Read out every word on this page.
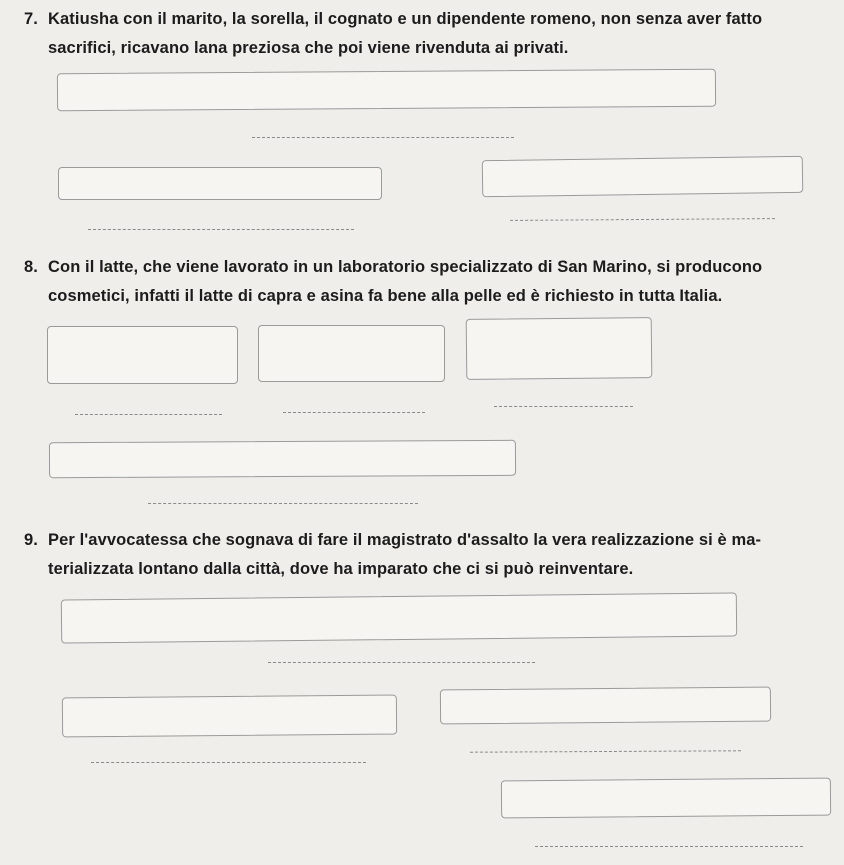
7. Katiusha con il marito, la sorella, il cognato e un dipendente romeno, non senza aver fatto
sacrifici, ricavano lana preziosa che poi viene rivenduta ai privati.
8. Con il latte, che viene lavorato in un laboratorio specializzato di San Marino, si producono
cosmetici, infatti il latte di capra e asina fa bene alla pelle ed è richiesto in tutta Italia.
9. Per l'avvocatessa che sognava di fare il magistrato d'assalto la vera realizzazione si è ma-
terializzata lontano dalla città, dove ha imparato che ci si può reinventare.
